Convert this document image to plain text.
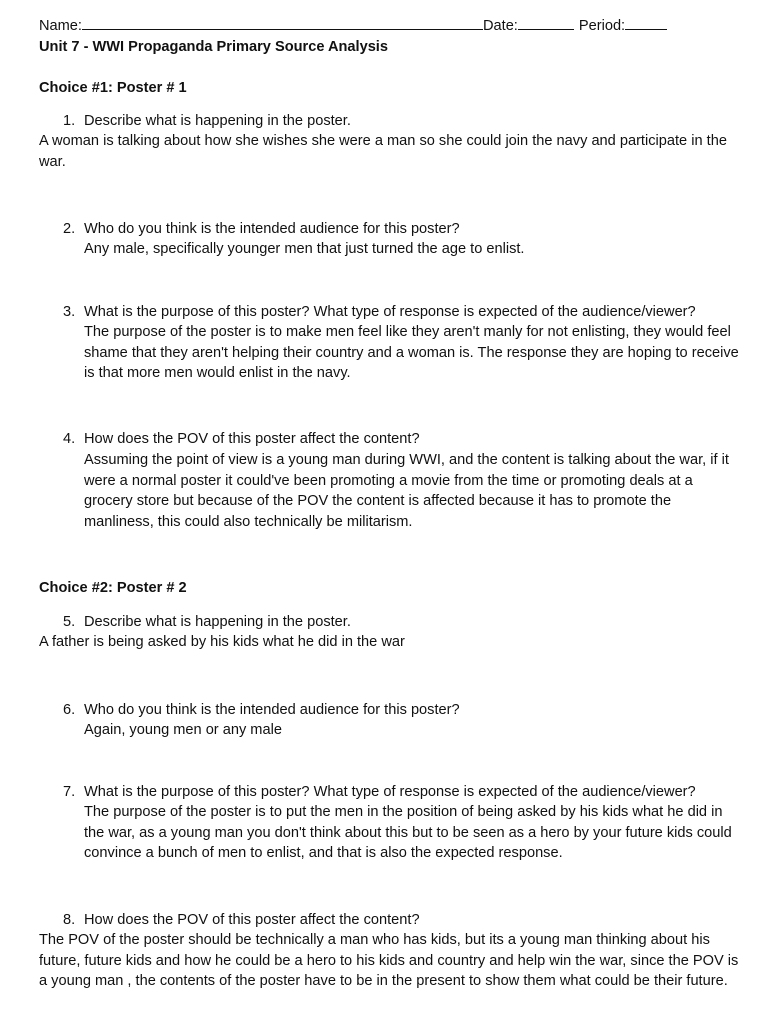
Name:	Date:	Period:
Unit 7 - WWI Propaganda Primary Source Analysis
Choice #1: Poster # 1
1. Describe what is happening in the poster.
A woman is talking about how she wishes she were a man so she could join the navy and participate in the war.
2. Who do you think is the intended audience for this poster?
Any male, specifically younger men that just turned the age to enlist.
3. What is the purpose of this poster? What type of response is expected of the audience/viewer?
The purpose of the poster is to make men feel like they aren't manly for not enlisting, they would feel shame that they aren't helping their country and a woman is. The response they are hoping to receive is that more men would enlist in the navy.
4. How does the POV of this poster affect the content?
Assuming the point of view is a young man during WWI, and the content is talking about the war, if it were a normal poster it could've been promoting a movie from the time or promoting deals at a grocery store but because of the POV the content is affected because it has to promote the manliness, this could also technically be militarism.
Choice #2: Poster # 2
5. Describe what is happening in the poster.
A father is being asked by his kids what he did in the war
6. Who do you think is the intended audience for this poster?
Again, young men or any male
7. What is the purpose of this poster? What type of response is expected of the audience/viewer?
The purpose of the poster is to put the men in the position of being asked by his kids what he did in the war, as a young man you don't think about this but to be seen as a hero by your future kids could convince a bunch of men to enlist, and that is also the expected response.
8. How does the POV of this poster affect the content?
The POV of the poster should be technically a man who has kids, but its a young man thinking about his future, future kids and how he could be a hero to his kids and country and help win the war, since the POV is a young man , the contents of the poster have to be in the present to show them what could be their future.
